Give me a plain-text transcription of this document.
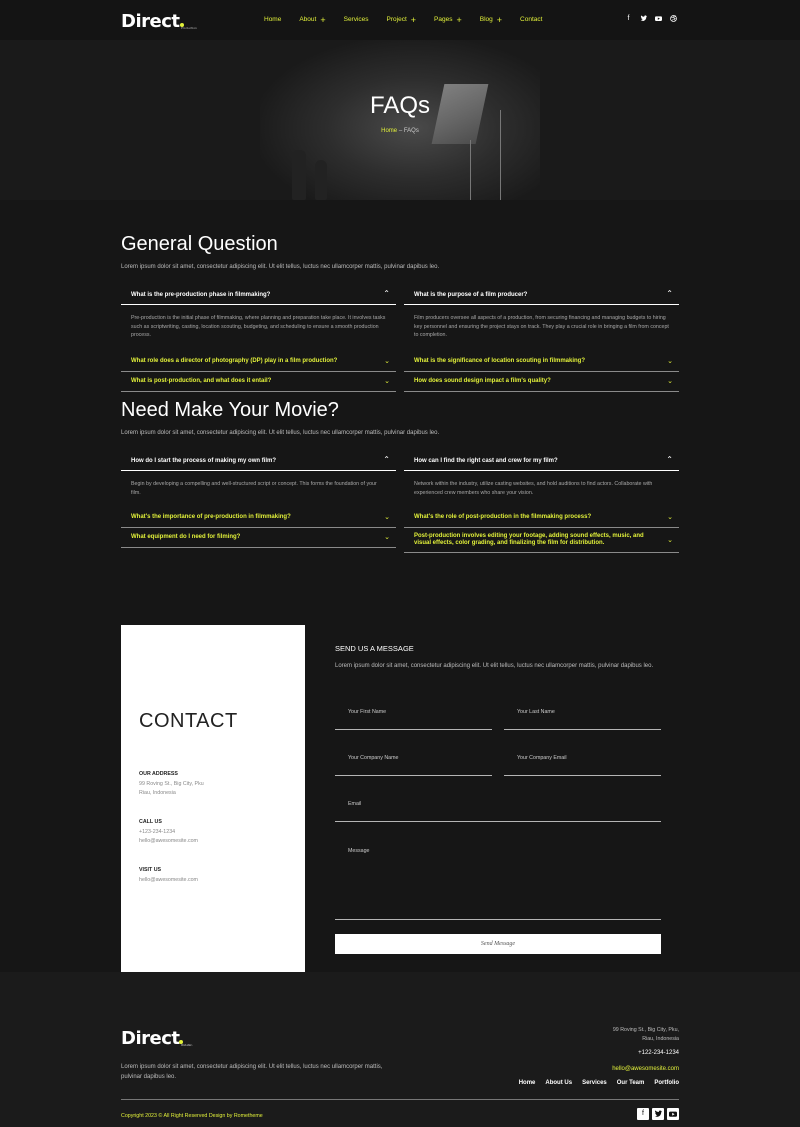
Direct Production
Home	About +	Services	Project +	Pages +	Blog +	Contact	f
FAQs
Home – FAQs
General Question
Lorem ipsum dolor sit amet, consectetur adipiscing elit. Ut elit tellus, luctus nec ullamcorper mattis, pulvinar dapibus leo.
What is the pre-production phase in filmmaking?	⌃
Pre-production is the initial phase of filmmaking, where planning and preparation take place. It involves tasks such as scriptwriting, casting, location scouting, budgeting, and scheduling to ensure a smooth production process.
What role does a director of photography (DP) play in a film production?	⌄
What is post-production, and what does it entail?	⌄
What is the purpose of a film producer?	⌃
Film producers oversee all aspects of a production, from securing financing and managing budgets to hiring key personnel and ensuring the project stays on track. They play a crucial role in bringing a film from concept to completion.
What is the significance of location scouting in filmmaking?	⌄
How does sound design impact a film's quality?	⌄
Need Make Your Movie?
Lorem ipsum dolor sit amet, consectetur adipiscing elit. Ut elit tellus, luctus nec ullamcorper mattis, pulvinar dapibus leo.
How do I start the process of making my own film?	⌃
Begin by developing a compelling and well-structured script or concept. This forms the foundation of your film.
What's the importance of pre-production in filmmaking?	⌄
What equipment do I need for filming?	⌄
How can I find the right cast and crew for my film?	⌃
Network within the industry, utilize casting websites, and hold auditions to find actors. Collaborate with experienced crew members who share your vision.
What's the role of post-production in the filmmaking process?	⌄
Post-production involves editing your footage, adding sound effects, music, and visual effects, color grading, and finalizing the film for distribution.	⌄
CONTACT
OUR ADDRESS
99 Roving St., Big City, Pku
Riau, Indonesia
CALL US
+123-234-1234
hello@awesomesite.com
VISIT US
hello@awesomesite.com
SEND US A MESSAGE
Lorem ipsum dolor sit amet, consectetur adipiscing elit. Ut elit tellus, luctus nec ullamcorper mattis, pulvinar dapibus leo.
Your First Name	Your Last Name
Your Company Name	Your Company Email
Email
Message
Send Message
Direct Production
Lorem ipsum dolor sit amet, consectetur adipiscing elit. Ut elit tellus, luctus nec ullamcorper mattis, pulvinar dapibus leo.
99 Roving St., Big City, Pku,
Riau, Indonesia
+122-234-1234
hello@awesomesite.com
Home About Us Services Our Team Portfolio
Copyright 2023 © All Right Reserved Design by Rometheme	f
